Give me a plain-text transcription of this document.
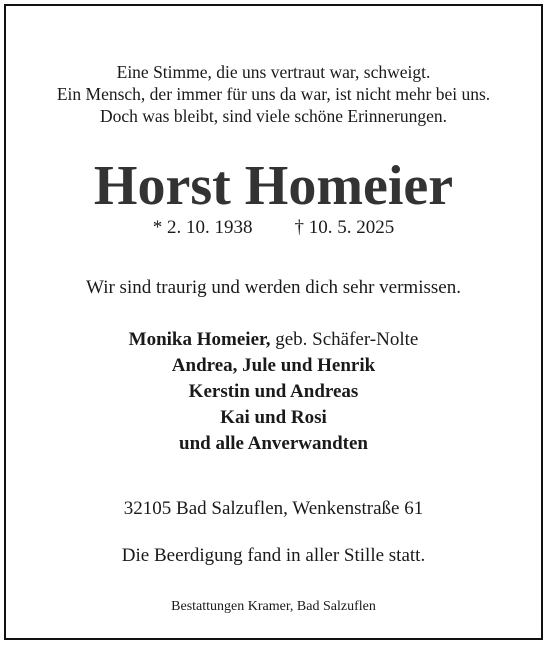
Eine Stimme, die uns vertraut war, schweigt.
Ein Mensch, der immer für uns da war, ist nicht mehr bei uns.
Doch was bleibt, sind viele schöne Erinnerungen.
Horst Homeier
* 2. 10. 1938 † 10. 5. 2025
Wir sind traurig und werden dich sehr vermissen.
Monika Homeier, geb. Schäfer-Nolte
Andrea, Jule und Henrik
Kerstin und Andreas
Kai und Rosi
und alle Anverwandten
32105 Bad Salzuflen, Wenkenstraße 61
Die Beerdigung fand in aller Stille statt.
Bestattungen Kramer, Bad Salzuflen
